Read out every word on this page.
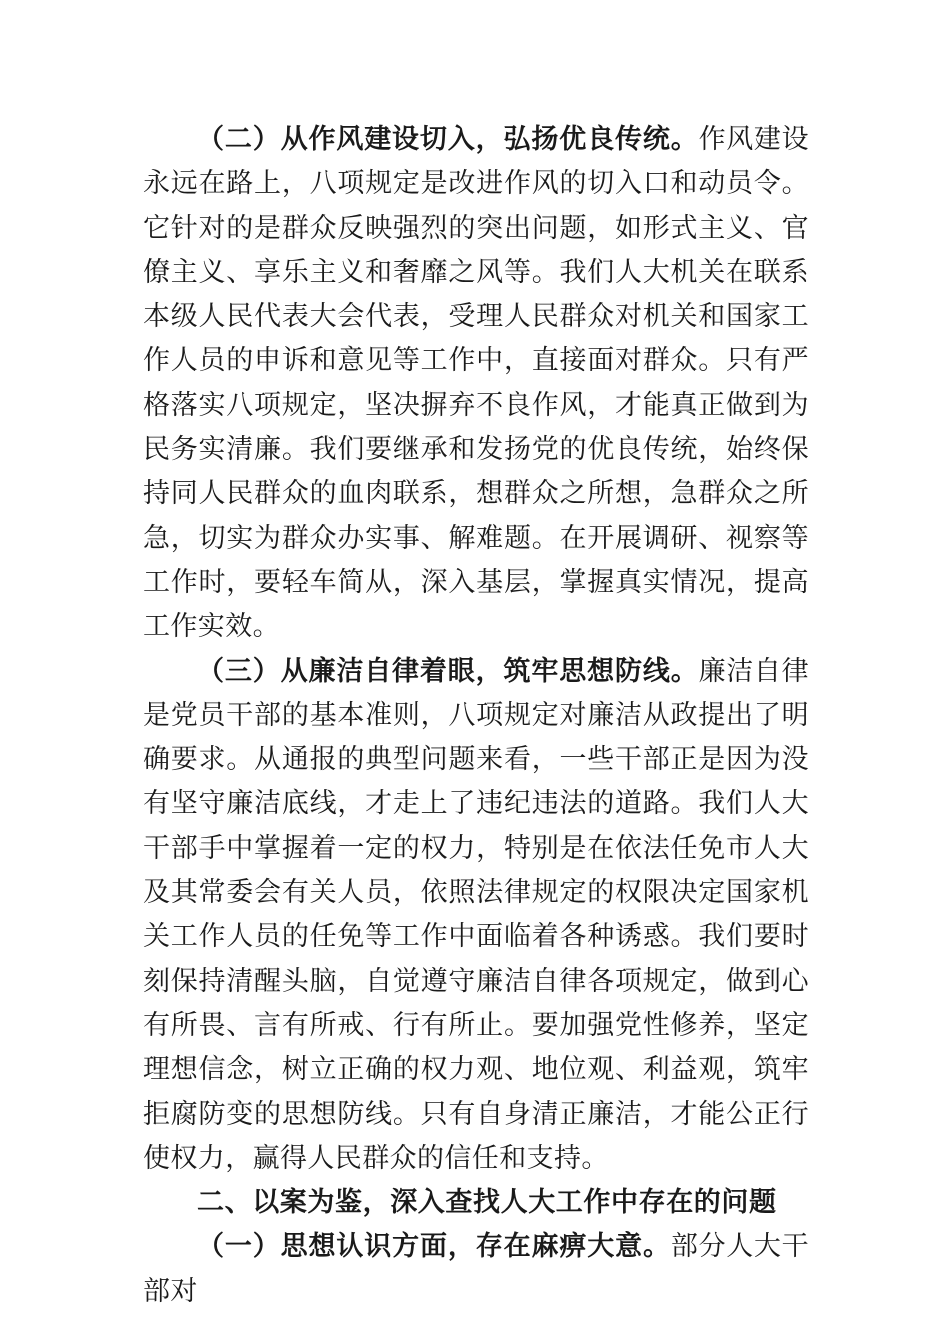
（二）从作风建设切入，弘扬优良传统。作风建设永远在路上，八项规定是改进作风的切入口和动员令。它针对的是群众反映强烈的突出问题，如形式主义、官僚主义、享乐主义和奢靡之风等。我们人大机关在联系本级人民代表大会代表，受理人民群众对机关和国家工作人员的申诉和意见等工作中，直接面对群众。只有严格落实八项规定，坚决摒弃不良作风，才能真正做到为民务实清廉。我们要继承和发扬党的优良传统，始终保持同人民群众的血肉联系，想群众之所想，急群众之所急，切实为群众办实事、解难题。在开展调研、视察等工作时，要轻车简从，深入基层，掌握真实情况，提高工作实效。

（三）从廉洁自律着眼，筑牢思想防线。廉洁自律是党员干部的基本准则，八项规定对廉洁从政提出了明确要求。从通报的典型问题来看，一些干部正是因为没有坚守廉洁底线，才走上了违纪违法的道路。我们人大干部手中掌握着一定的权力，特别是在依法任免市人大及其常委会有关人员，依照法律规定的权限决定国家机关工作人员的任免等工作中面临着各种诱惑。我们要时刻保持清醒头脑，自觉遵守廉洁自律各项规定，做到心有所畏、言有所戒、行有所止。要加强党性修养，坚定理想信念，树立正确的权力观、地位观、利益观，筑牢拒腐防变的思想防线。只有自身清正廉洁，才能公正行使权力，赢得人民群众的信任和支持。

二、以案为鉴，深入查找人大工作中存在的问题

（一）思想认识方面，存在麻痹大意。部分人大干部对
